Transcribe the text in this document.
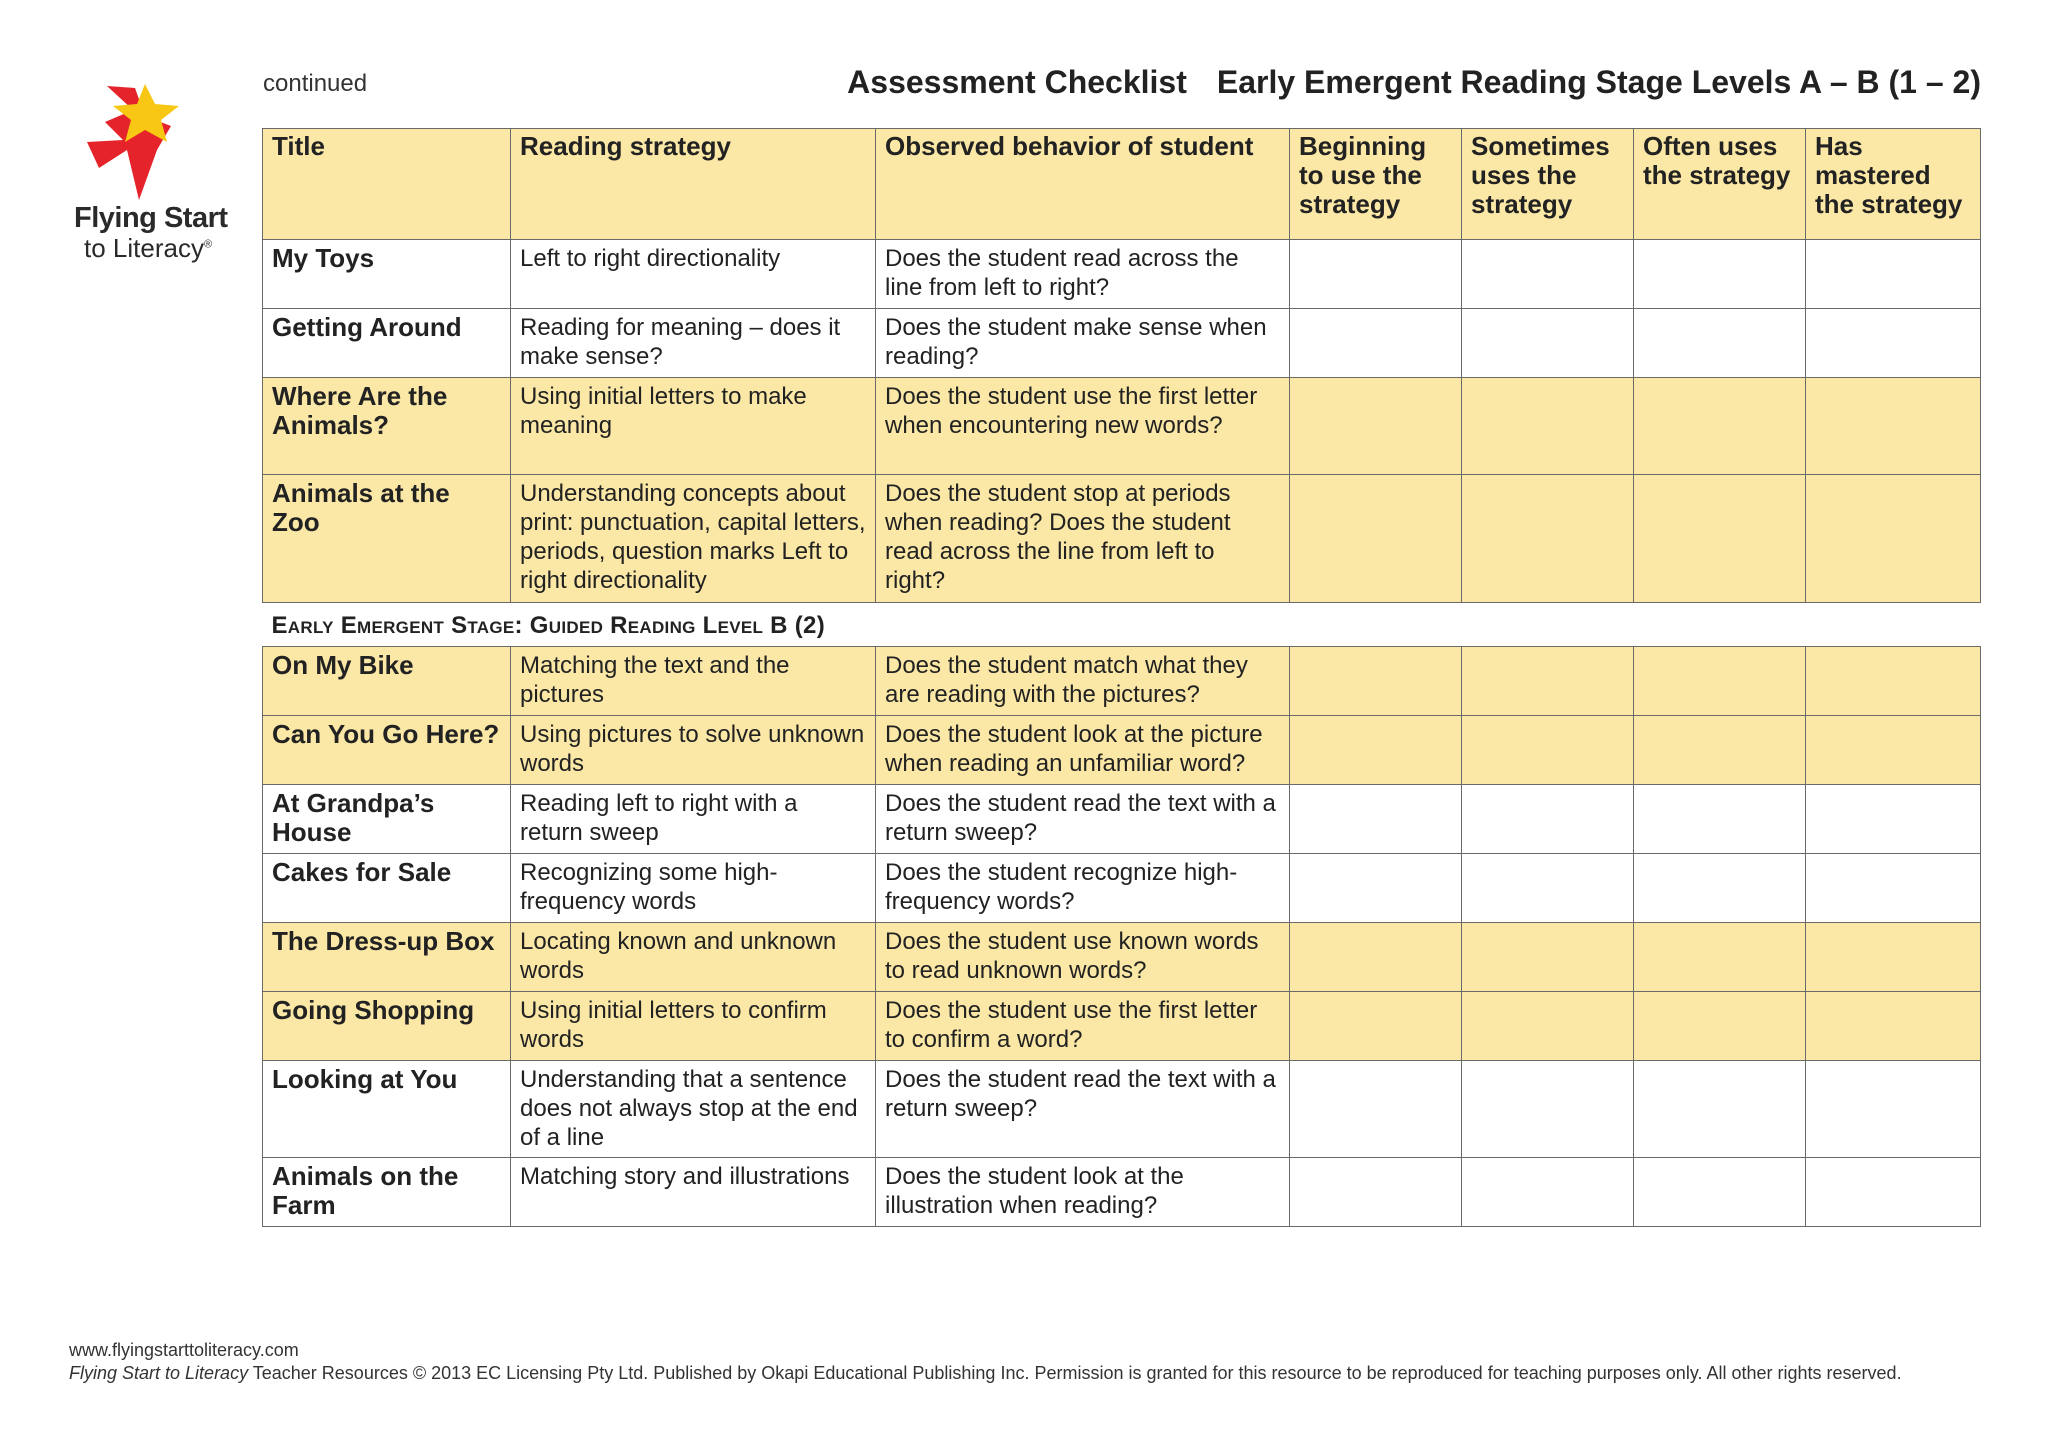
Flying Start
to Literacy®
continued	Assessment Checklist Early Emergent Reading Stage Levels A – B (1 – 2)
Title	Reading strategy	Observed behavior of student	Beginning to use the strategy	Sometimes uses the strategy	Often uses the strategy	Has mastered the strategy
My Toys	Left to right directionality	Does the student read across the line from left to right?				
Getting Around	Reading for meaning – does it make sense?	Does the student make sense when reading?				
Where Are the Animals?	Using initial letters to make meaning	Does the student use the first letter when encountering new words?				
Animals at the Zoo	Understanding concepts about print: punctuation, capital letters, periods, question marks Left to right directionality	Does the student stop at periods when reading? Does the student read across the line from left to right?				
Early Emergent Stage: Guided Reading Level B (2)						
On My Bike	Matching the text and the pictures	Does the student match what they are reading with the pictures?				
Can You Go Here?	Using pictures to solve unknown words	Does the student look at the picture when reading an unfamiliar word?				
At Grandpa’s House	Reading left to right with a return sweep	Does the student read the text with a return sweep?				
Cakes for Sale	Recognizing some high-frequency words	Does the student recognize high-frequency words?				
The Dress-up Box	Locating known and unknown words	Does the student use known words to read unknown words?				
Going Shopping	Using initial letters to confirm words	Does the student use the first letter to confirm a word?				
Looking at You	Understanding that a sentence does not always stop at the end of a line	Does the student read the text with a return sweep?				
Animals on the Farm	Matching story and illustrations	Does the student look at the illustration when reading?				
www.flyingstarttoliteracy.com
Flying Start to Literacy Teacher Resources © 2013 EC Licensing Pty Ltd. Published by Okapi Educational Publishing Inc. Permission is granted for this resource to be reproduced for teaching purposes only. All other rights reserved.
